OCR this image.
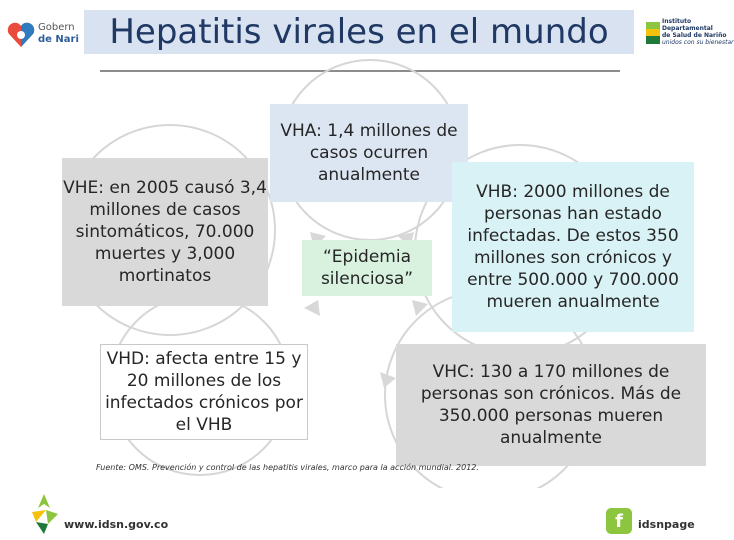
Gobern
de Nari Hepatitis virales en el mundo	Instituto
Departamental
de Salud de Nariño
unidos con su bienestar
VHA: 1,4 millones de casos ocurren anualmente
VHE: en 2005 causó 3,4 millones de casos sintomáticos, 70.000 muertes y 3,000 mortinatos
“Epidemia silenciosa”
VHB: 2000 millones de personas han estado infectadas. De estos 350 millones son crónicos y entre 500.000 y 700.000 mueren anualmente
VHD: afecta entre 15 y 20 millones de los infectados crónicos por el VHB
VHC: 130 a 170 millones de personas son crónicos. Más de 350.000 personas mueren anualmente
Fuente: OMS. Prevención y control de las hepatitis virales, marco para la acción mundial. 2012.
www.idsn.gov.co	f idsnpage
